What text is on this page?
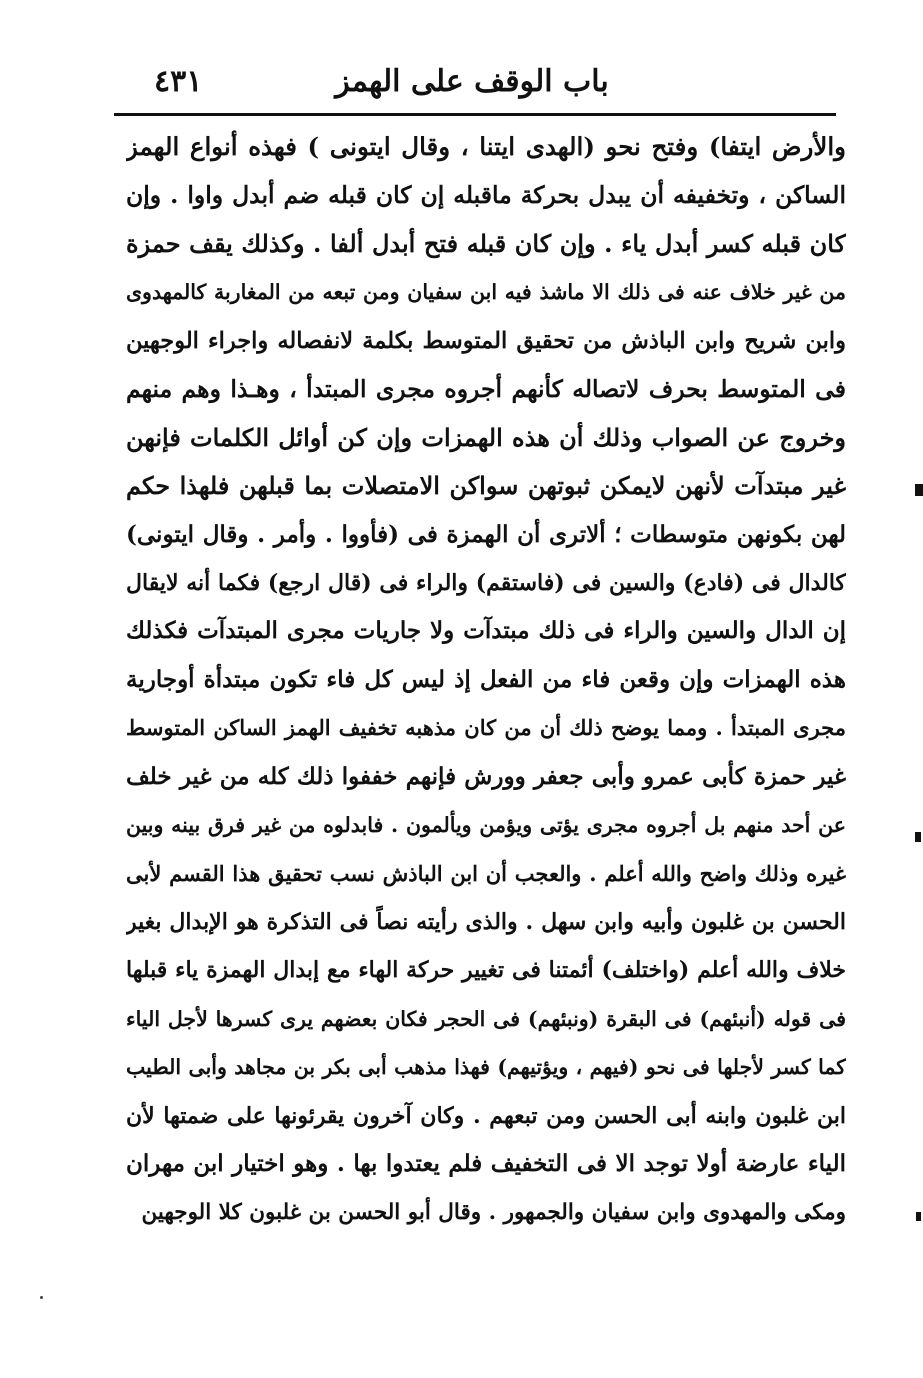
باب الوقف على الهمز
٤٣١
والأرض ايتفا) وفتح نحو (الهدى ايتنا ، وقال ايتونى ) فهذه أنواع الهمز
الساكن ، وتخفيفه أن يبدل بحركة ماقبله إن كان قبله ضم أبدل واوا . وإن
كان قبله كسر أبدل ياء . وإن كان قبله فتح أبدل ألفا . وكذلك يقف حمزة
من غير خلاف عنه فى ذلك الا ماشذ فيه ابن سفيان ومن تبعه من المغاربة كالمهدوى
وابن شريح وابن الباذش من تحقيق المتوسط بكلمة لانفصاله واجراء الوجهين
فى المتوسط بحرف لاتصاله كأنهم أجروه مجرى المبتدأ ، وهـذا وهم منهم
وخروج عن الصواب وذلك أن هذه الهمزات وإن كن أوائل الكلمات فإنهن
غير مبتدآت لأنهن لايمكن ثبوتهن سواكن الامتصلات بما قبلهن فلهذا حكم
لهن بكونهن متوسطات ؛ ألاترى أن الهمزة فى (فأووا . وأمر . وقال ايتونى)
كالدال فى (فادع) والسين فى (فاستقم) والراء فى (قال ارجع) فكما أنه لايقال
إن الدال والسين والراء فى ذلك مبتدآت ولا جاريات مجرى المبتدآت فكذلك
هذه الهمزات وإن وقعن فاء من الفعل إذ ليس كل فاء تكون مبتدأة أوجارية
مجرى المبتدأ . ومما يوضح ذلك أن من كان مذهبه تخفيف الهمز الساكن المتوسط
غير حمزة كأبى عمرو وأبى جعفر وورش فإنهم خففوا ذلك كله من غير خلف
عن أحد منهم بل أجروه مجرى يؤتى ويؤمن ويألمون . فابدلوه من غير فرق بينه وبين
غيره وذلك واضح والله أعلم . والعجب أن ابن الباذش نسب تحقيق هذا القسم لأبى
الحسن بن غلبون وأبيه وابن سهل . والذى رأيته نصاً فى التذكرة هو الإبدال بغير
خلاف والله أعلم (واختلف) أئمتنا فى تغيير حركة الهاء مع إبدال الهمزة ياء قبلها
فى قوله (أنبئهم) فى البقرة (ونبئهم) فى الحجر فكان بعضهم يرى كسرها لأجل الياء
كما كسر لأجلها فى نحو (فيهم ، ويؤتيهم) فهذا مذهب أبى بكر بن مجاهد وأبى الطيب
ابن غلبون وابنه أبى الحسن ومن تبعهم . وكان آخرون يقرئونها على ضمتها لأن
الياء عارضة أولا توجد الا فى التخفيف فلم يعتدوا بها . وهو اختيار ابن مهران
ومكى والمهدوى وابن سفيان والجمهور . وقال أبو الحسن بن غلبون كلا الوجهين
